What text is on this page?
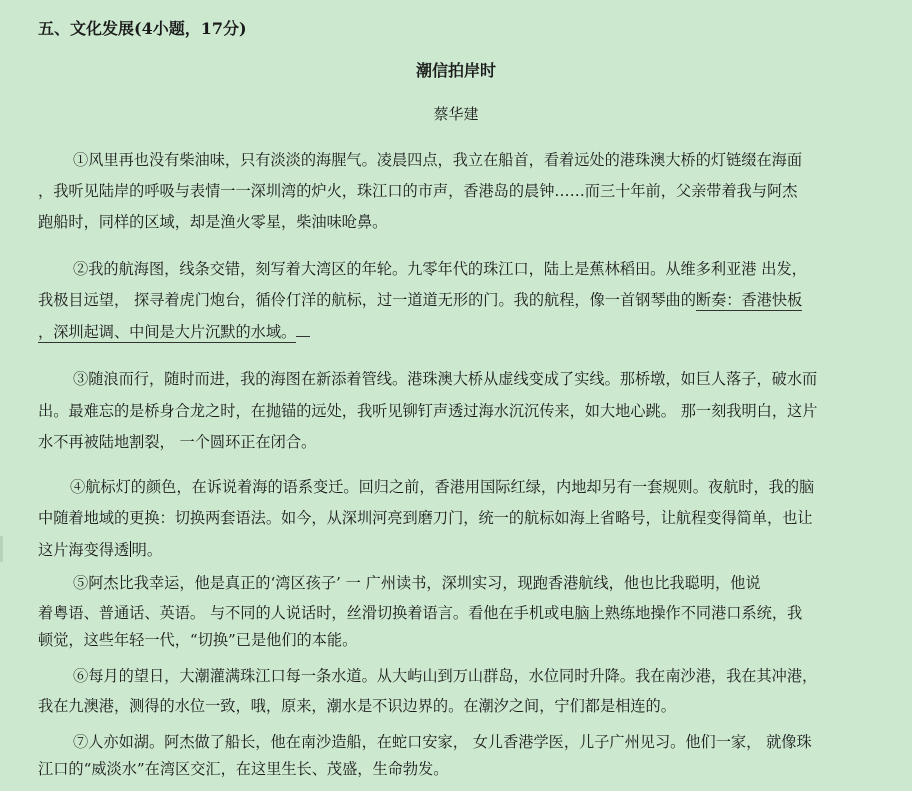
五、文化发展(4小题，17分)
潮信拍岸时
蔡华建
①风里再也没有柴油味，只有淡淡的海腥气。凌晨四点，我立在船首，看着远处的港珠澳大桥的灯链缀在海面
，我听见陆岸的呼吸与表情一一深圳湾的炉火，珠江口的市声，香港岛的晨钟……而三十年前，父亲带着我与阿杰
跑船时，同样的区域，却是渔火零星，柴油味呛鼻。
②我的航海图，线条交错，刻写着大湾区的年轮。九零年代的珠江口，陆上是蕉林稻田。从维多利亚港 出发，
我极目远望， 探寻着虎门炮台，循伶仃洋的航标，过一道道无形的门。我的航程，像一首钢琴曲的断奏：香港快板
，深圳起调、中间是大片沉默的水域。
③随浪而行，随时而进，我的海图在新添着管线。港珠澳大桥从虚线变成了实线。那桥墩，如巨人落子，破水而
出。最难忘的是桥身合龙之时，在抛锚的远处，我听见铆钉声透过海水沉沉传来，如大地心跳。 那一刻我明白，这片
水不再被陆地割裂， 一个圆环正在闭合。
④航标灯的颜色，在诉说着海的语系变迁。回归之前，香港用国际红绿，内地却另有一套规则。夜航时，我的脑
中随着地域的更换：切换两套语法。如今，从深圳河亮到磨刀门，统一的航标如海上省略号，让航程变得简单，也让
这片海变得透 明。
⑤阿杰比我幸运，他是真正的‘湾区孩子’ 一 广州读书，深圳实习，现跑香港航线，他也比我聪明，他说
着粤语、普通话、英语。 与不同的人说话时，丝滑切换着语言。看他在手机或电脑上熟练地操作不同港口系统，我
顿觉，这些年轻一代，“切换”已是他们的本能。
⑥每月的望日，大潮灌满珠江口每一条水道。从大屿山到万山群岛，水位同时升降。我在南沙港，我在其冲港，
我在九澳港，测得的水位一致，哦，原来，潮水是不识边界的。在潮汐之间，宁们都是相连的。
⑦人亦如湖。阿杰做了船长，他在南沙造船，在蛇口安家， 女儿香港学医，儿子广州见习。他们一家， 就像珠
江口的“威淡水”在湾区交汇，在这里生长、茂盛，生命勃发。
